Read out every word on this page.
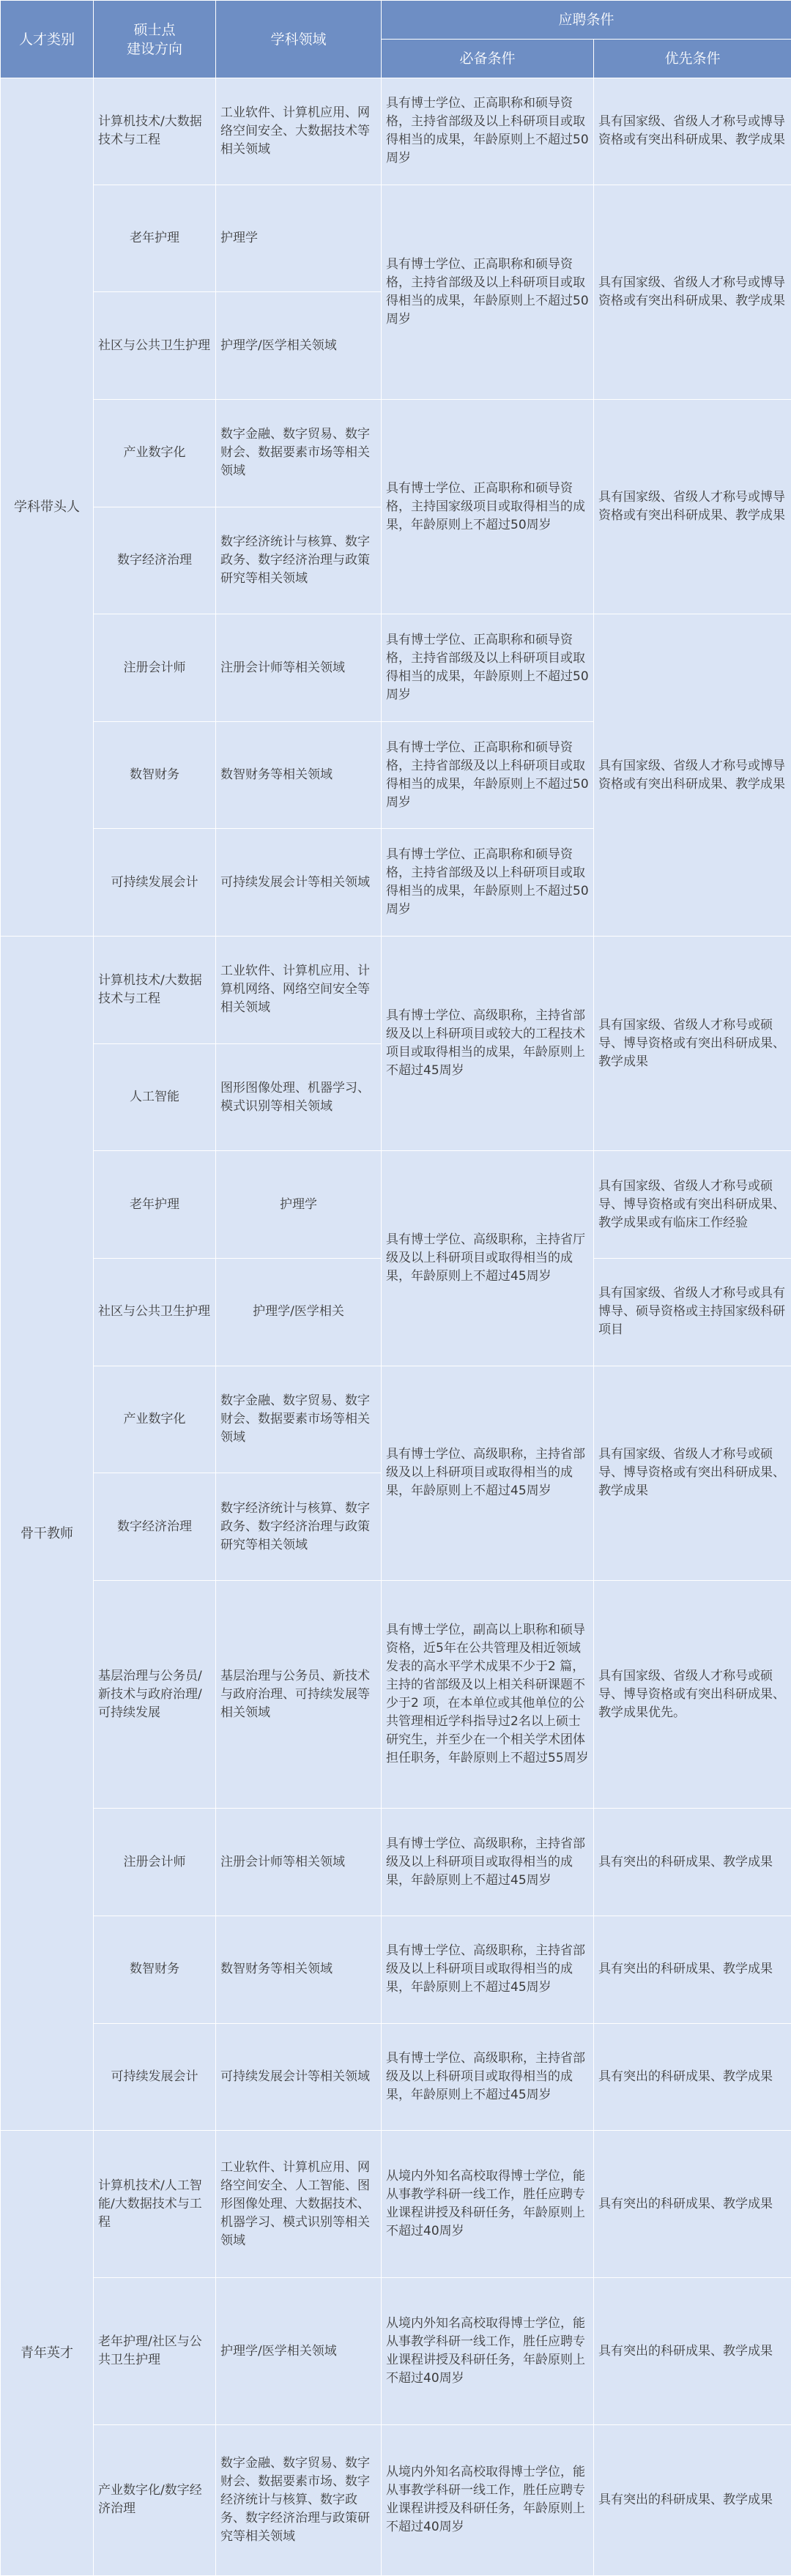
人才类别	硕士点
建设方向	学科领域	应聘条件	
			必备条件	优先条件
学科带头人	计算机技术/大数据技术与工程	工业软件、计算机应用、网络空间安全、大数据技术等相关领域	具有博士学位、正高职称和硕导资格，主持省部级及以上科研项目或取得相当的成果，年龄原则上不超过50周岁	具有国家级、省级人才称号或博导资格或有突出科研成果、教学成果
	老年护理	护理学	具有博士学位、正高职称和硕导资格，主持省部级及以上科研项目或取得相当的成果，年龄原则上不超过50周岁	具有国家级、省级人才称号或博导资格或有突出科研成果、教学成果
	社区与公共卫生护理	护理学/医学相关领域		
	产业数字化	数字金融、数字贸易、数字财会、数据要素市场等相关领域	具有博士学位、正高职称和硕导资格，主持国家级项目或取得相当的成果，年龄原则上不超过50周岁	具有国家级、省级人才称号或博导资格或有突出科研成果、教学成果
	数字经济治理	数字经济统计与核算、数字政务、数字经济治理与政策研究等相关领域		
	注册会计师	注册会计师等相关领域	具有博士学位、正高职称和硕导资格，主持省部级及以上科研项目或取得相当的成果，年龄原则上不超过50周岁	具有国家级、省级人才称号或博导资格或有突出科研成果、教学成果
	数智财务	数智财务等相关领域	具有博士学位、正高职称和硕导资格，主持省部级及以上科研项目或取得相当的成果，年龄原则上不超过50周岁	
	可持续发展会计	可持续发展会计等相关领域	具有博士学位、正高职称和硕导资格，主持省部级及以上科研项目或取得相当的成果，年龄原则上不超过50周岁	
骨干教师	计算机技术/大数据技术与工程	工业软件、计算机应用、计算机网络、网络空间安全等相关领域	具有博士学位、高级职称，主持省部级及以上科研项目或较大的工程技术项目或取得相当的成果，年龄原则上不超过45周岁	具有国家级、省级人才称号或硕导、博导资格或有突出科研成果、教学成果
	人工智能	图形图像处理、机器学习、模式识别等相关领域		
	老年护理	护理学	具有博士学位、高级职称，主持省厅级及以上科研项目或取得相当的成果，年龄原则上不超过45周岁	具有国家级、省级人才称号或硕导、博导资格或有突出科研成果、教学成果或有临床工作经验
	社区与公共卫生护理	护理学/医学相关		具有国家级、省级人才称号或具有博导、硕导资格或主持国家级科研项目
	产业数字化	数字金融、数字贸易、数字财会、数据要素市场等相关领域	具有博士学位、高级职称，主持省部级及以上科研项目或取得相当的成果，年龄原则上不超过45周岁	具有国家级、省级人才称号或硕导、博导资格或有突出科研成果、教学成果
	数字经济治理	数字经济统计与核算、数字政务、数字经济治理与政策研究等相关领域		
	基层治理与公务员/新技术与政府治理/可持续发展	基层治理与公务员、新技术与政府治理、可持续发展等相关领域	具有博士学位，副高以上职称和硕导资格，近5年在公共管理及相近领域发表的高水平学术成果不少于2 篇，主持的省部级及以上相关科研课题不少于2 项，在本单位或其他单位的公共管理相近学科指导过2名以上硕士研究生，并至少在一个相关学术团体担任职务，年龄原则上不超过55周岁	具有国家级、省级人才称号或硕导、博导资格或有突出科研成果、教学成果优先。
	注册会计师	注册会计师等相关领域	具有博士学位、高级职称，主持省部级及以上科研项目或取得相当的成果，年龄原则上不超过45周岁	具有突出的科研成果、教学成果
	数智财务	数智财务等相关领域	具有博士学位、高级职称，主持省部级及以上科研项目或取得相当的成果，年龄原则上不超过45周岁	具有突出的科研成果、教学成果
	可持续发展会计	可持续发展会计等相关领域	具有博士学位、高级职称，主持省部级及以上科研项目或取得相当的成果，年龄原则上不超过45周岁	具有突出的科研成果、教学成果
青年英才	计算机技术/人工智能/大数据技术与工程	工业软件、计算机应用、网络空间安全、人工智能、图形图像处理、大数据技术、机器学习、模式识别等相关领域	从境内外知名高校取得博士学位，能从事教学科研一线工作，胜任应聘专业课程讲授及科研任务，年龄原则上不超过40周岁	具有突出的科研成果、教学成果
	老年护理/社区与公共卫生护理	护理学/医学相关领域	从境内外知名高校取得博士学位，能从事教学科研一线工作，胜任应聘专业课程讲授及科研任务，年龄原则上不超过40周岁	具有突出的科研成果、教学成果
	产业数字化/数字经济治理	数字金融、数字贸易、数字财会、数据要素市场、数字经济统计与核算、数字政务、数字经济治理与政策研究等相关领域	从境内外知名高校取得博士学位，能从事教学科研一线工作，胜任应聘专业课程讲授及科研任务，年龄原则上不超过40周岁	具有突出的科研成果、教学成果
